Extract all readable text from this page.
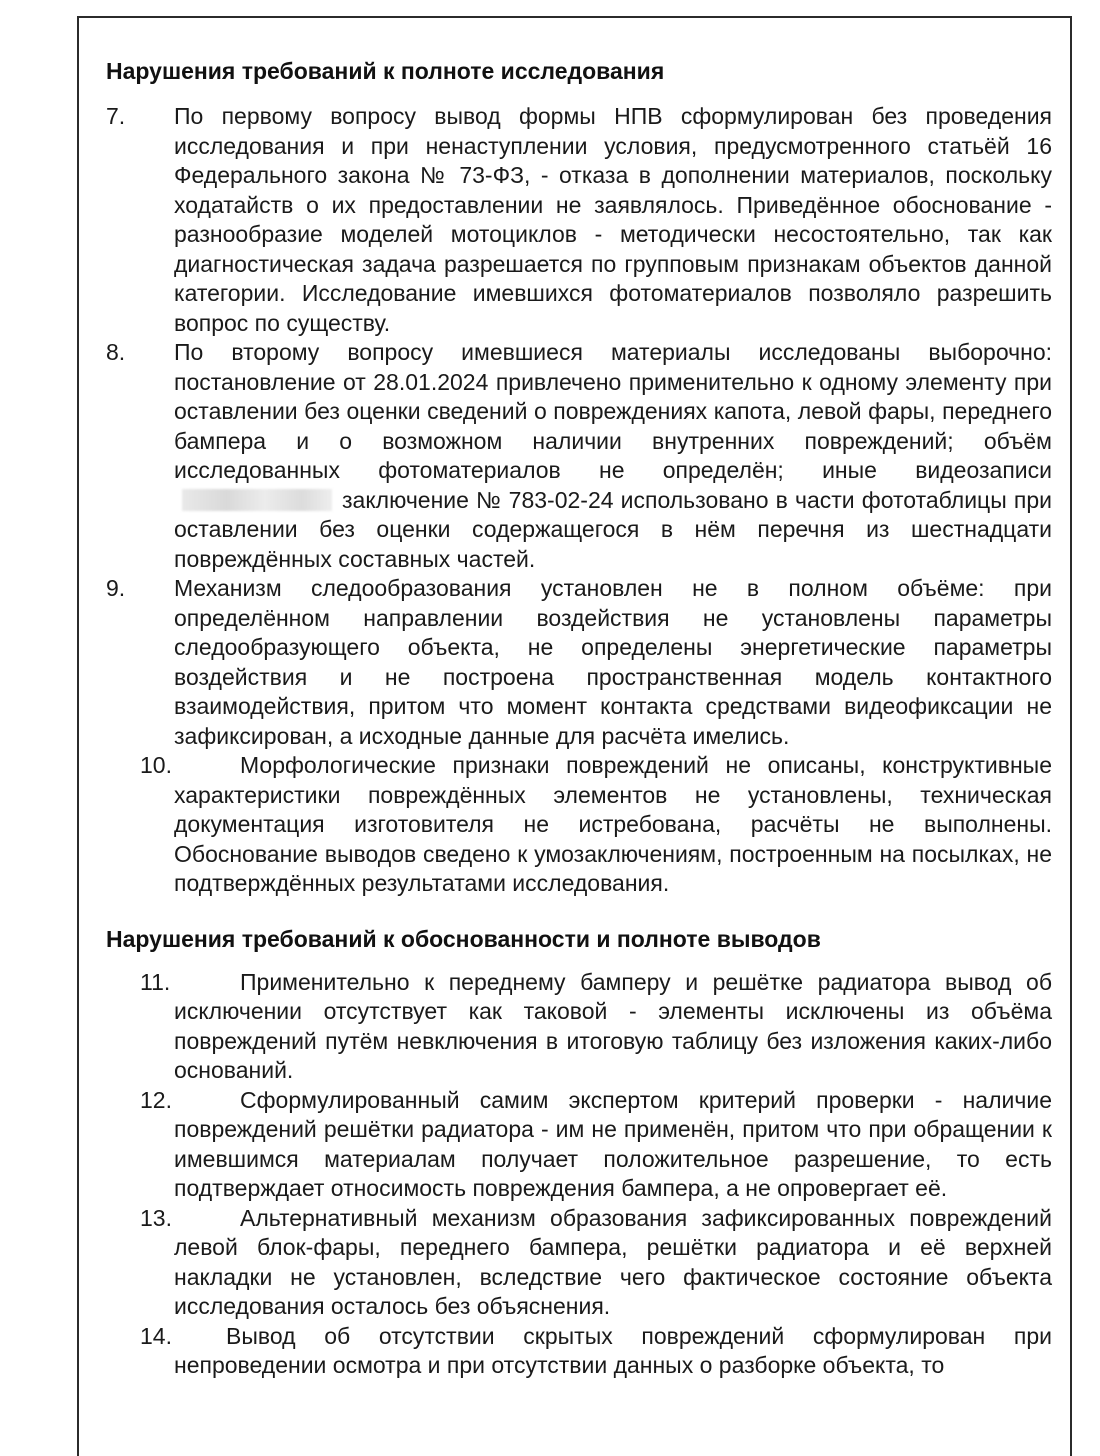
Нарушения требований к полноте исследования
7.	По первому вопросу вывод формы НПВ сформулирован без проведения исследования и при ненаступлении условия, предусмотренного статьёй 16 Федерального закона № 73-ФЗ, - отказа в дополнении материалов, поскольку ходатайств о их предоставлении не заявлялось. Приведённое обоснование - разнообразие моделей мотоциклов - методически несостоятельно, так как диагностическая задача разрешается по групповым признакам объектов данной категории. Исследование имевшихся фотоматериалов позволяло разрешить вопрос по существу.
8.	По второму вопросу имевшиеся материалы исследованы выборочно: постановление от 28.01.2024 привлечено применительно к одному элементу при оставлении без оценки сведений о повреждениях капота, левой фары, переднего бампера и о возможном наличии внутренних повреждений; объём исследованных фотоматериалов не определён; иные видеозаписизаключение № 783-02-24 использовано в части фототаблицы при оставлении без оценки содержащегося в нём перечня из шестнадцати повреждённых составных частей.
9.	Механизм следообразования установлен не в полном объёме: при определённом направлении воздействия не установлены параметры следообразующего объекта, не определены энергетические параметры воздействия и не построена пространственная модель контактного взаимодействия, притом что момент контакта средствами видеофиксации не зафиксирован, а исходные данные для расчёта имелись.
10.	Морфологические признаки повреждений не описаны, конструктивные характеристики повреждённых элементов не установлены, техническая документация изготовителя не истребована, расчёты не выполнены. Обоснование выводов сведено к умозаключениям, построенным на посылках, не подтверждённых результатами исследования.
Нарушения требований к обоснованности и полноте выводов
11.	Применительно к переднему бамперу и решётке радиатора вывод об исключении отсутствует как таковой - элементы исключены из объёма повреждений путём невключения в итоговую таблицу без изложения каких-либо оснований.
12.	Сформулированный самим экспертом критерий проверки - наличие повреждений решётки радиатора - им не применён, притом что при обращении к имевшимся материалам получает положительное разрешение, то есть подтверждает относимость повреждения бампера, а не опровергает её.
13.	Альтернативный механизм образования зафиксированных повреждений левой блок-фары, переднего бампера, решётки радиатора и её верхней накладки не установлен, вследствие чего фактическое состояние объекта исследования осталось без объяснения.
14. Вывод об отсутствии скрытых повреждений сформулирован при непроведении осмотра и при отсутствии данных о разборке объекта, то
